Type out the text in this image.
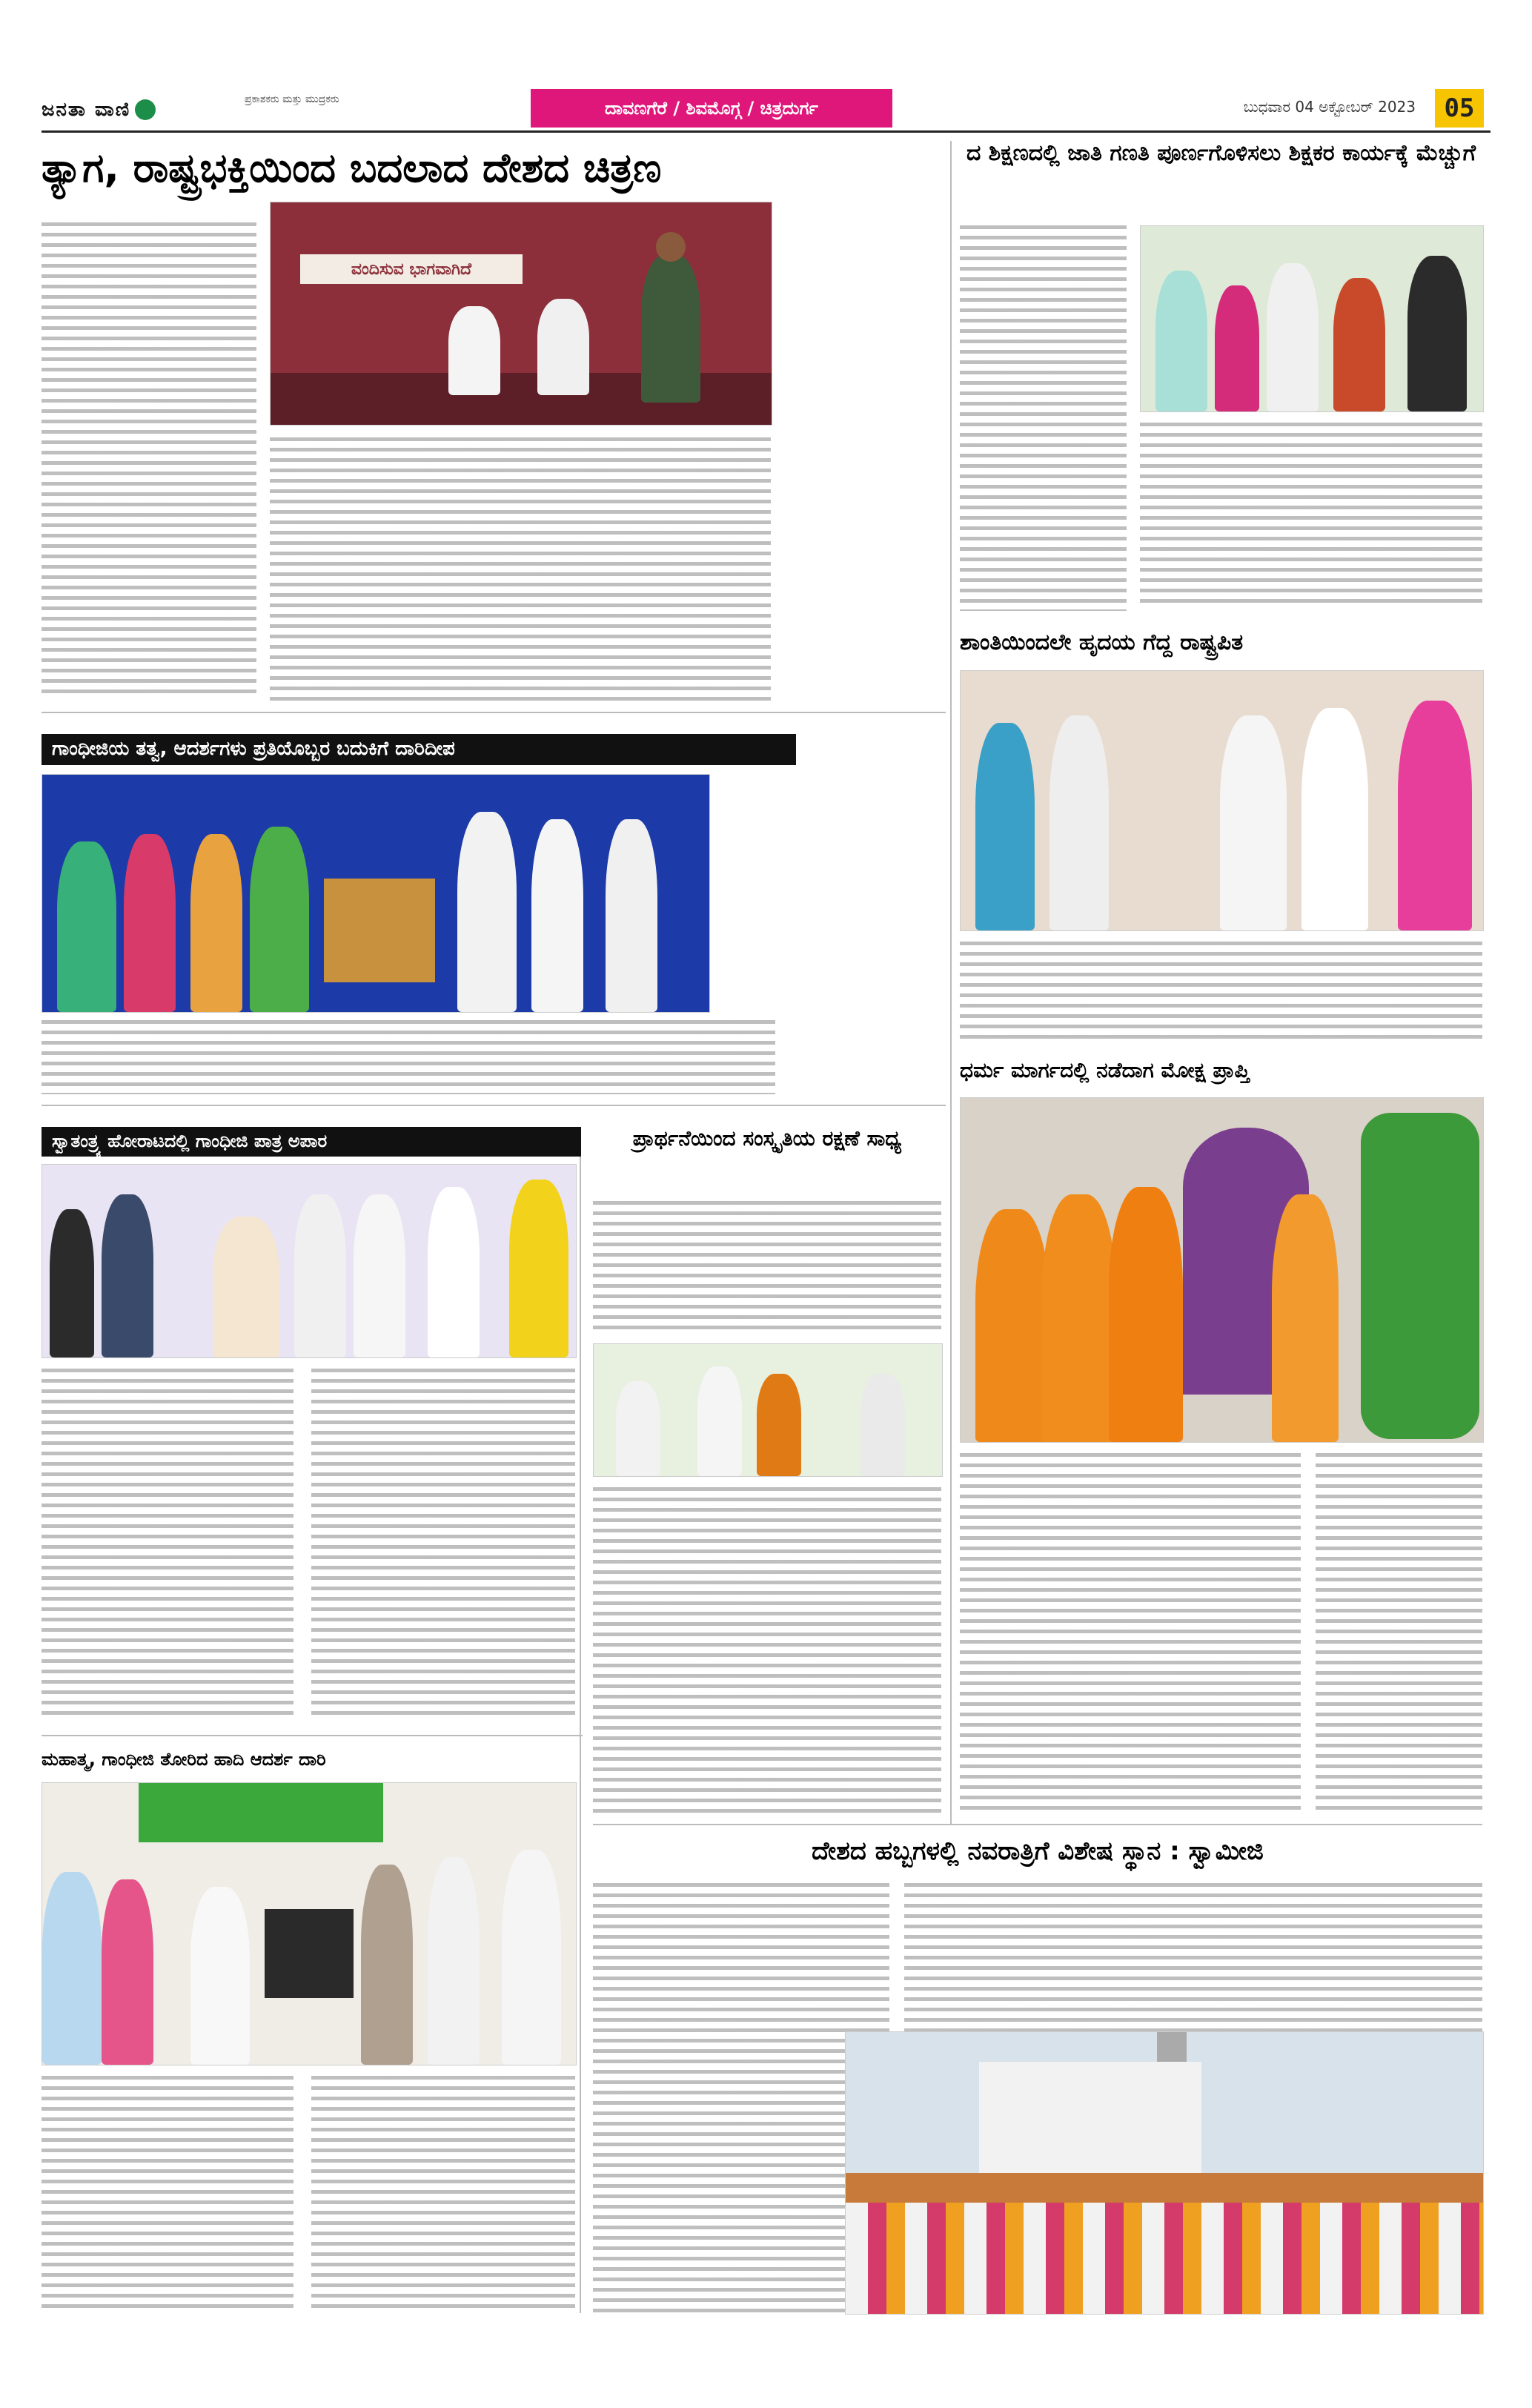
ಜನತಾ ವಾಣಿ	ಪ್ರಕಾಶಕರು ಮತ್ತು ಮುದ್ರಕರು	ದಾವಣಗೆರೆ / ಶಿವಮೊಗ್ಗ / ಚಿತ್ರದುರ್ಗ	ಬುಧವಾರ 04 ಅಕ್ಟೋಬರ್ 2023	05
ತ್ಯಾಗ, ರಾಷ್ಟ್ರಭಕ್ತಿಯಿಂದ ಬದಲಾದ ದೇಶದ ಚಿತ್ರಣ
ವಂದಿಸುವ ಭಾಗವಾಗಿದೆ
ದ ಶಿಕ್ಷಣದಲ್ಲಿ ಜಾತಿ ಗಣತಿ ಪೂರ್ಣಗೊಳಿಸಲು ಶಿಕ್ಷಕರ ಕಾರ್ಯಕ್ಕೆ ಮೆಚ್ಚುಗೆ
ಶಾಂತಿಯಿಂದಲೇ ಹೃದಯ ಗೆದ್ದ ರಾಷ್ಟ್ರಪಿತ
ಧರ್ಮ ಮಾರ್ಗದಲ್ಲಿ ನಡೆದಾಗ ಮೋಕ್ಷ ಪ್ರಾಪ್ತಿ
ಗಾಂಧೀಜಿಯ ತತ್ವ, ಆದರ್ಶಗಳು ಪ್ರತಿಯೊಬ್ಬರ ಬದುಕಿಗೆ ದಾರಿದೀಪ
ಸ್ವಾತಂತ್ರ್ಯ ಹೋರಾಟದಲ್ಲಿ ಗಾಂಧೀಜಿ ಪಾತ್ರ ಅಪಾರ	ಪ್ರಾರ್ಥನೆಯಿಂದ ಸಂಸ್ಕೃತಿಯ ರಕ್ಷಣೆ ಸಾಧ್ಯ
ಮಹಾತ್ಮ, ಗಾಂಧೀಜಿ ತೋರಿದ ಹಾದಿ ಆದರ್ಶ ದಾರಿ
ದೇಶದ ಹಬ್ಬಗಳಲ್ಲಿ ನವರಾತ್ರಿಗೆ ವಿಶೇಷ ಸ್ಥಾನ : ಸ್ವಾಮೀಜಿ
